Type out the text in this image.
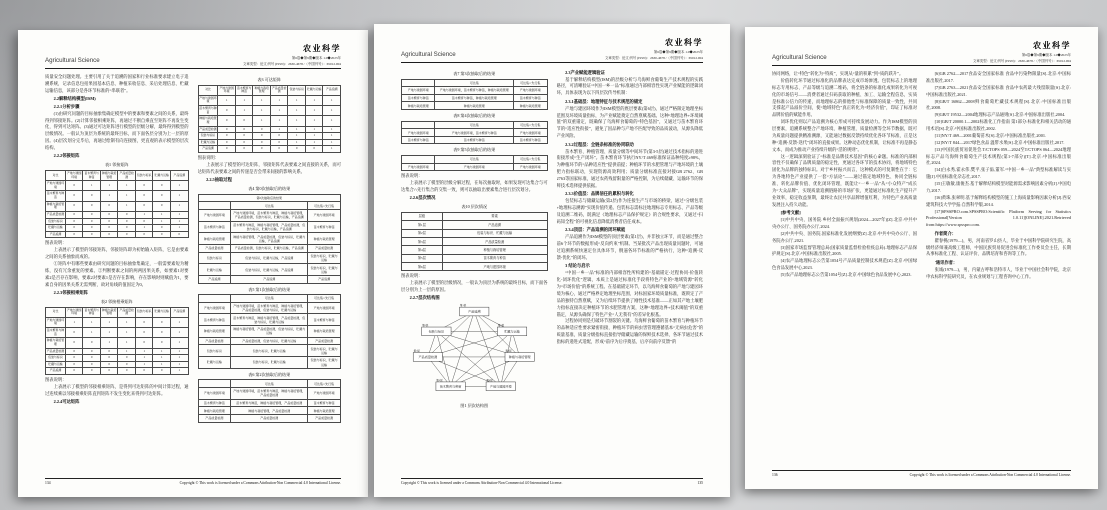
Agricultural Science
农业科学
第6卷◆第9期◆版本 1.0◆2023年
文章类型：论文|刊号 (ISSN)：2630-4678 /（中国刊号）：65012.004

质量安全问题处理。主要引用了关于追溯的国家和行业标准要求建立电子追溯系统，记录信息包括果园基本信息、种植采收信息、采后处理信息、贮藏运输信息，该部分是各环节标准的“串联者”。

2.2解释结构模型(ISM)

2.2.1分析步骤

(1)由研究问题的目标抽象集确定模型中的要素和要素之间的关系，最终得到邻接矩阵。(2)计算邻接相乘矩阵，再通过不断自乘直至矩阵不再发生变化，得到可达矩阵。(3)通过可达矩阵进行模型的层级分解，最终得到模型的层级情况。一般认为顶层为系统的最终目标，而下面各层分别为上一层的原因。(4)层次划分完毕后，再通过绘制有向连接图，更直观的表示模型的层次结构。

2.2.2邻接矩阵

表1 邻接矩阵
对比	产地与建园环境	苗木繁育与种苗	种植与栽培管理	产品质量检测	包装与标识	贮藏与运输	产品追溯
产地与建园环境	0	1	1	1	0	0	1
苗木繁育与种苗	0	0	1	1	0	0	1
种植与栽培管理	0	0	0	1	0	0	1
产品质量检测	0	0	0	0	1	1	1
包装与标识	0	0	0	0	0	1	1
贮藏与运输	0	0	0	0	1	0	1
产品追溯	0	0	0	0	0	0	0

图表说明：

上表展示了模型的邻接矩阵，邻接矩阵即为初始输入矩阵，它是由要素之间的关系抽象而成的。

①矩阵中有哪些要素由研究问题的目标抽象集确定，一般需要素短为精炼，没有冗余重复的要素。②判断要素之间的两两因果关系，如要素1对要素2是否存在影响，要素2对要素1是否存在影响，存在影响时则赋值为1，要素自身的因果关系无需判断，故对角线的值固定为0。

2.2.3邻接相乘矩阵

表2 邻接相乘矩阵
对比	产地与建园环境	苗木繁育与种苗	种植与栽培管理	产品质量检测	包装与标识	贮藏与运输	产品追溯
产地与建园环境	1	1	1	1	0	0	1
苗木繁育与种苗	0	1	1	1	0	0	1
种植与栽培管理	0	0	1	1	0	0	1
产品质量检测	0	0	0	1	1	1	1
包装与标识	0	0	0	0	1	1	1
贮藏与运输	0	0	0	0	1	1	1
产品追溯	0	0	0	0	0	0	1

图表说明：

上表展示了模型的邻接相乘矩阵，是得到可达矩阵的中间计算过程，通过连续乘以邻接相乘矩阵直到矩阵不发生变化来得到可达矩阵。

2.2.4可达矩阵

表3 可达矩阵
对比	产地与建园环境	苗木繁育与种苗	种植与栽培管理	产品质量检测	包装与标识	贮藏与运输	产品追溯
产地与建园环境	1	1	1	1	1	1	1
苗木繁育与种苗	0	1	1	1	1	1	1
种植与栽培管理	0	0	1	1	1	1	1
产品质量检测	0	0	0	1	1	1	1
包装与标识	0	0	0	0	1	1	1
贮藏与运输	0	0	0	0	1	1	1
产品追溯	0	0	0	0	0	0	1

图表说明：

上表展示了模型的可达矩阵，邻接矩阵代表要素之间直接的关系，而可达矩阵代表要素之间的传递是否会带来间接的影响关系。

2.2.5抽取过程

表4 第0次抽取后的结果
第0次抽取后的结果		
	可达集	可达集∩先行集
产地与建园环境	产地与建园环境，苗木繁育与种苗，种植与栽培管理，产品质量检测，包装与标识，贮藏与运输，产品追溯	产地与建园环境
苗木繁育与种苗	苗木繁育与种苗，种植与栽培管理，产品质量检测，包装与标识，贮藏与运输，产品追溯	苗木繁育与种苗
种植与栽培管理	种植与栽培管理，产品质量检测，包装与标识，贮藏与运输，产品追溯	种植与栽培管理
产品质量检测	产品质量检测，包装与标识，贮藏与运输，产品追溯	产品质量检测
包装与标识	包装与标识，贮藏与运输，产品追溯	包装与标识，贮藏与运输
贮藏与运输	包装与标识，贮藏与运输，产品追溯	包装与标识，贮藏与运输
产品追溯	产品追溯	产品追溯
表5 第1次抽取后的结果
	可达集	可达集∩先行集
产地与建园环境	产地与建园环境，苗木繁育与种苗，种植与栽培管理，产品质量检测，包装与标识，贮藏与运输	产地与建园环境
苗木繁育与种苗	苗木繁育与种苗，种植与栽培管理，产品质量检测，包装与标识，贮藏与运输	苗木繁育与种苗
种植与栽培管理	种植与栽培管理，产品质量检测，包装与标识，贮藏与运输	种植与栽培管理
产品质量检测	产品质量检测，包装与标识，贮藏与运输	产品质量检测
包装与标识	包装与标识，贮藏与运输	包装与标识，贮藏与运输
贮藏与运输	包装与标识，贮藏与运输	包装与标识，贮藏与运输
表6 第2次抽取后的结果
	可达集	可达集∩先行集
产地与建园环境	产地与建园环境，苗木繁育与种苗，种植与栽培管理，产品质量检测	产地与建园环境
苗木繁育与种苗	苗木繁育与种苗，种植与栽培管理，产品质量检测	苗木繁育与种苗
种植与栽培管理	种植与栽培管理，产品质量检测	种植与栽培管理
产品质量检测	产品质量检测	产品质量检测
134	Copyright © This work is licensed under a Commons Attribution-Non Commercial 4.0 International License.
Agricultural Science
农业科学
第6卷◆第9期◆版本 1.0◆2023年
文章类型：论文|刊号 (ISSN)：2630-4678 /（中国刊号）：65012.004
表7 第3次抽取后的结果
	可达集	可达集∩先行集
产地与建园环境	产地与建园环境，苗木繁育与种苗，种植与栽培管理	产地与建园环境
苗木繁育与种苗	苗木繁育与种苗，种植与栽培管理	苗木繁育与种苗
种植与栽培管理	种植与栽培管理	种植与栽培管理
表8 第4次抽取后的结果
	可达集	可达集∩先行集
产地与建园环境	产地与建园环境，苗木繁育与种苗	产地与建园环境
苗木繁育与种苗	苗木繁育与种苗	苗木繁育与种苗
表9 第5次抽取后的结果
	可达集	可达集∩先行集
产地与建园环境	产地与建园环境	产地与建园环境

图表说明：

上表展示了模型的层级分解过程，在每次抽取时，如果发现可达集合与可达集合∩先行集合的交集一致，则可以抽取出要素集合进行层次划分。

2.2.6层次情况

表10 层次情况
层级	要素
第1层	产品追溯
第2层	包装与标识、贮藏与运输
第3层	产品质量检测
第4层	种植与栽培管理
第5层	苗木繁育与种苗
第6层	产地与建园环境

图表说明：

上表展示了模型的层级情况，一般认为顶层为系统的最终目标，而下面各层分别为上一层的原因。

2.2.7层次结构图

第1层
产品追溯
第2层
包装与标识
第2层
贮藏与运输
第3层
产品质量检测
第4层
种植与栽培管理
第5层
苗木繁育与种苗
第6层
产地与建园环境
图1 层次结构图

2.3产业赋能逻辑验证

基于解释结构模型(ISM)的层级分析与乌海鲜食葡萄生产技术规程的实践路径，可清晰验证“中国一乡一品”标准通过内部相容性实现产业赋能的逻辑闭环，具体表现为以下四层次传导机制：

2.3.1基础层：地理特征与技术规范的锚定

产地与建园环境作为ISM模型的底层要素(第6层)，通过严格限定地理坐标范围及环境质量指标，为产业赋能奠定自然禀赋基础。这种“地理边界+环境阈值”的双重锚定，既确保了乌海鲜食葡萄的“特色基因”，又通过与苗木繁育环节的“适应性衔接”，避免了因品种与产地不匹配导致的品质波动，从源头降低产业风险。

2.3.2过程层：全链条标准的协同联动

苗木繁育、种植管理、质量分级等中间环节(第3-5层)通过技术指标的递进衔接形成“生产闭环”。苗木繁育环节执行NY/T 469标准保证品种纯度≥98%，为种植环节的“品种适应性”提供前提；种植环节的水肥管理与产地环境的土壤肥力指标联动，实现资源高效利用；质量分级标准直接对接GB 2762、GB 2763等国家标准，通过农药残留限量的严格控制，为后续储藏、运输环节的保鲜技术选择提供依据。

2.3.3价值层：品牌信任的累积与转化

包装标志与储藏运输(第2层)作为连接生产与市场的桥梁，通过“分级包装+地理标志溯源”实现价值传递。包装标志需标注地理标志专用标志、产品等级及追溯二维码，既满足《地理标志产品保护规定》的合规性要求，又通过“扫码知全程”的可视化信息降低消费者信任成本。

2.3.4顶层：产品追溯的闭环赋能

产品追溯作为ISM模型的顶层要素(第1层)，并非独立环节，而是通过整合前6个环节的数据形成“反向约束”机制。当某批次产品出现质量问题时，可通过追溯系统快速定位具体环节，倒逼各环节标准的严格执行，这种“追溯-反馈-优化”的闭环。

3 结论与启示

“中国一乡一品”标准的内部相容性所构建的“基础锚定-过程协同-价值转化-闭环优化”逻辑，本质上是通过标准化手段将特色产业的“地域资源”转化为“市场价值”的系统工程。在基础锚定环节，以乌海鲜食葡萄的产地与建园环境为核心，通过严格界定地理坐标范围、对标国家环境质量标准，既锁定了产品的独特自然禀赋，又为后续环节提供了刚性技术基准——正如其产地土壤肥力指标直接决定种植环节的水肥管理方案，这种“地理边界+技术阈值”的双重锚定，从源头确保了特色产业“人无我有”的差异化根基。

过程协同则是打破环节割裂的关键。乌海鲜食葡萄的苗木繁育与种植环节的品种适应性要求紧密衔接，种植环节的病虫害管理遵循基本“无病虫危害”的质量基准，质量分级指标直接指导储藏运输的保鲜技术选择，各环节通过技术指标的递进式适配，形成“前序为后序奠基、后序向前序反馈”的

Copyright © This work is licensed under a Commons Attribution-Non Commercial 4.0 International License.	135
Agricultural Science
农业科学
第6卷◆第9期◆版本 1.0◆2023年
文章类型：论文|刊号 (ISSN)：2630-4678 /（中国刊号）：65012.004

协同网络，让“特色”转化为“特质”，实现从“量的积累”到“质的跃升”。

价值转化环节通过标准化的品牌表达完成市场渗透。包装标志上的地理标志专用标志、产品等级与追溯二维码，将全链条的标准化成果转化为可视化的市场信号——消费者通过扫码获取的种植、加工、运输全程信息，实质是标准公信力的传递，而地理标志的排他性与标准保障的质量一致性，共同支撑起产品溢价空间，使“地域特色”真正转化为“经济价值”，印证了标准对品牌价值的赋能作用。

闭环优化则以产品追溯为核心形成可持续发展动力。作为ISM模型的顶层要素，追溯系统整合产地环境、种植管理、质量检测等全环节数据，既可为质量问题提供精准溯源，又能通过数据反馈持续优化各环节标准，正是这种“追溯-反馈-迭代”闭环的直接成果。这种动态优化机制，让标准不再是静态文本，而成为推动产业持续升级的“活的规则”。

这一逻辑深刻验证了“标准是品牌技术基因”的核心命题。标准的内部相容性不仅确保了品牌质量的稳定性，更通过各环节的技术协同，将地域特色固化为品牌的独特标识。对于乡村振兴而言，这种模式的可复制性在于：它为各地特色产业提供了一套“方法论”——通过锚定地域特色、协同全链标准、转化品牌价值、优化闭环管理，既能让“一乡一品”从“小众特产”成长为“大众品牌”，实现质量追溯链路的市场扩张，更能通过标准化生产提升产业效率，稳定收益预期，最终让农民共享品牌增值红利，为特色产业高质量发展注入持久动能。

[参考文献]

[1]中共中央、国务院.乡村全面振兴规划(2024—2027年)[Z].北京:中共中央办公厅、国务院办公厅,2024.

[2]中共中央、国务院.国家标准化发展纲要[Z].北京:中共中央办公厅、国务院办公厅,2021.

[3]国家市场监督管理总局(国家质量监督检验检疫总局).地理标志产品保护规定[S].北京:中国标准出版社,2005.

[4]农产品地理标志公告第1054号产品质量控制技术规范[Z].北京:中国绿色食品发展中心,2023.

[5]农产品地理标志公告第1054号[Z].北京:中国绿色食品发展中心,2023.

[6]GB 2762—2017食品安全国家标准 食品中污染物限量[S].北京:中国标准出版社,2017.

[7]GB 2763—2021食品安全国家标准 食品中农药最大残留限量[S].北京:中国标准出版社,2021.

[8]GB/T 16862—2008鲜食葡萄贮藏技术规程[S].北京:中国标准出版社,2008.

[9]GB/T 19532—2004地理标志产品通则[S].北京:中国标准出版社,2004.

[10]GB/T 20000.1—2002标准化工作指南 第1部分:标准化和相关活动的通用术语[S].北京:中国标准出版社,2002.

[11]NY/T 469—2001葡萄苗木[S].北京:中国标准出版社,2001.

[12]NY/T 844—2017绿色食品 温带水果[S].北京:中国标准出版社,2017.

[13]中国民族贸易促进会.T/CTOPS 059—2024至T/CTOPS 064—2024地理标志产品乌海鲜食葡萄生产技术规程(第1-7部分)[T].北京:中国标准出版社,2024.

[14]白永秀,霍永伟,樊平,张子溢,董军.“中国一乡一品”典型标准解读与实施[J].中国标准化杂志社,2017.

[15]王敏敏,康俊杰.基于解释结构模型对能源需求影响因素分析[J].中国电力,2017.

[16]黄珠,张翠明.基于解释结构模型的施工上海质量影响因素分析[J].西安建筑科技大学学报:自然科学版,2014.

[17]SPSSPRO.com.SPSSPRO:Scientific Platform Serving for Statistics Professional[Version 1.0.11][ONLINE].2021.Retrieved from:https://www.spsspro.com.

作者简介：

瞿春桃(1979—)，男，河南省罗山县人，毕业于中国科学院研究生院，高级经济师兼高级工程师，中国民族贸易促进会标准化工作委员会主任，长期从事标准化工程、认证评价、品牌培育和咨询等工作。

'通讯作者：

张诚(1979—)，男，内蒙古呼和浩特市人，毕业于中国社会科学院，北京申农标科学院研究员，在农业规划与工程咨询中心工作。

136	Copyright © This work is licensed under a Commons Attribution-Non Commercial 4.0 International License.
